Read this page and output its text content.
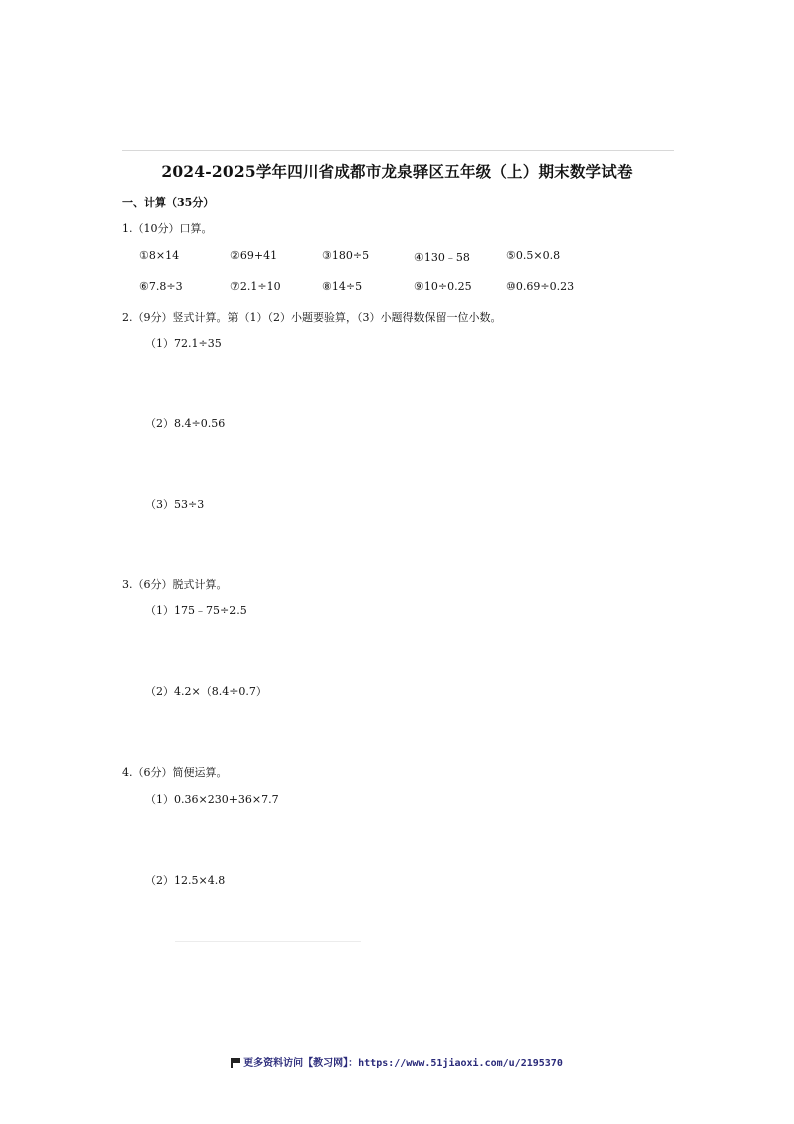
2024-2025学年四川省成都市龙泉驿区五年级（上）期末数学试卷
一、计算（35分）
1.（10分）口算。
①8×14	②69+41	③180÷5	④130﹣58	⑤0.5×0.8
⑥7.8÷3	⑦2.1÷10	⑧14÷5	⑨10÷0.25	⑩0.69÷0.23
2.（9分）竖式计算。第（1）（2）小题要验算，（3）小题得数保留一位小数。
（1）72.1÷35
（2）8.4÷0.56
（3）53÷3
3.（6分）脱式计算。
（1）175﹣75÷2.5
（2）4.2×（8.4÷0.7）
4.（6分）简便运算。
（1）0.36×230+36×7.7
（2）12.5×4.8
更多资料访问【教习网】：https://www.51jiaoxi.com/u/2195370
